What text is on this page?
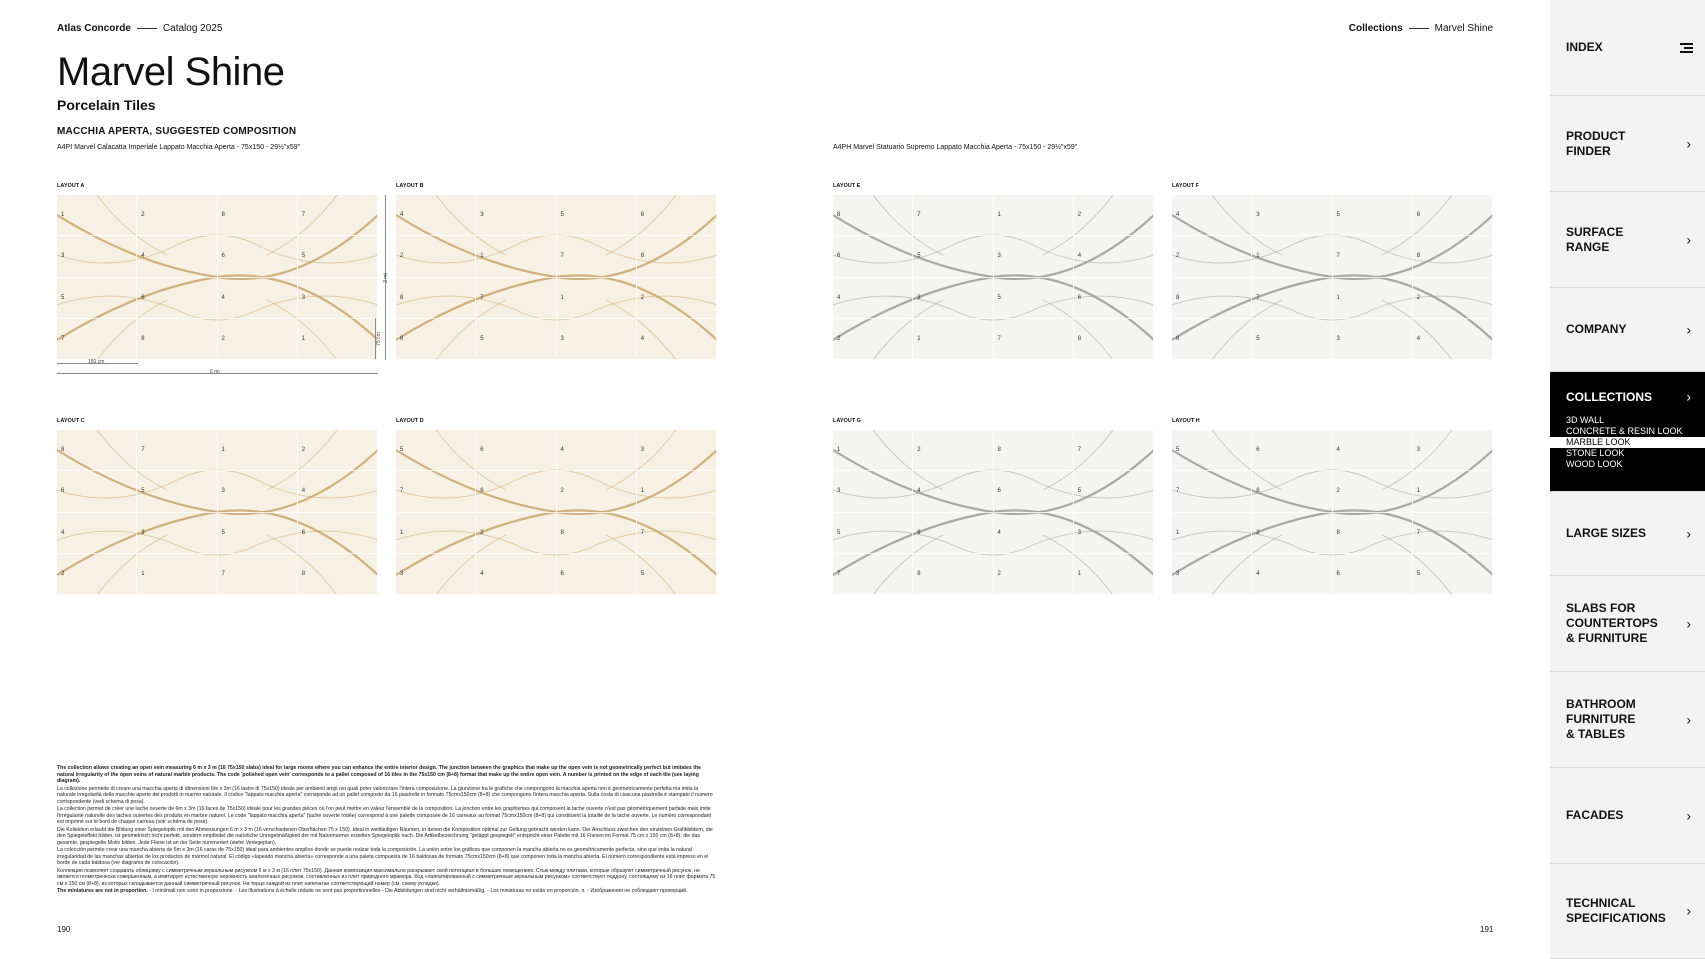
Atlas Concorde	Catalog 2025	Collections	Marvel Shine
Marvel Shine
Porcelain Tiles
MACCHIA APERTA, SUGGESTED COMPOSITION
A4PI Marvel Calacatta Imperiale Lappato Macchia Aperta - 75x150 - 29½"x59"	A4PH Marvel Statuario Supremo Lappato Macchia Aperta - 75x150 - 29½"x59"
LAYOUT A
1	2	8	7
3	4	6	5
5	6	4	3
7	8	2	1
LAYOUT B
4	3	5	6
2	1	7	8
8	7	1	2
6	5	3	4
LAYOUT C
8	7	1	2
6	5	3	4
4	3	5	6
2	1	7	8
LAYOUT D
5	6	4	3
7	8	2	1
1	2	8	7
3	4	6	5
LAYOUT E
8	7	1	2
6	5	3	4
4	3	5	6
2	1	7	8
LAYOUT F
4	3	5	6
2	1	7	8
8	7	1	2
6	5	3	4
LAYOUT G
1	2	8	7
3	4	6	5
5	6	4	3
7	8	2	1
LAYOUT H
5	6	4	3
7	8	2	1
1	2	8	7
3	4	6	5
150 cm
6 mt
3 mt
75 cm

The collection allows creating an open vein measuring 6 m x 3 m (16 75x150 slabs) ideal for large rooms where you can enhance the entire interior design. The junction between the graphics that make up the open vein is not geometrically perfect but imitates the natural irregularity of the open veins of natural marble products. The code 'polished open vein' corresponds to a pallet composed of 16 tiles in the 75x150 cm (8+8) format that make up the entire open vein. A number is printed on the edge of each tile (see laying diagram).

La collezione permette di creare una macchia aperta di dimensioni 6m x 3m (16 lastre di 75x150) ideale per ambienti ampi nei quali poter valorizzare l'intera composizione. La giunzione tra le grafiche che compongono la macchia aperta non è geometricamente perfetta ma imita la naturale irregolarità delle macchie aperte dei prodotti in marmo naturale. Il codice "lappato macchia aperta" corrisponde ad un pallet composto da 16 piastrelle in formato 75cmx150cm (8+8) che compongono l'intera macchia aperta. Sulla costa di ciascuna piastrella è stampato il numero corrispondente (vedi schema di posa).

La collection permet de créer une tache ouverte de 6m x 3m (16 faces de 75x150) idéale pour les grandes pièces où l'on peut mettre en valeur l'ensemble de la composition. La jonction entre les graphismes qui composent la tache ouverte n'est pas géométriquement parfaite mais imite l'irrégularité naturelle des taches ouvertes des produits en marbre naturel. Le code "lappato macchia aperta" (tache ouverte rodée) correspond à une palette composée de 16 carreaux au format 75cmx150cm (8+8) qui constituent la totalité de la tache ouverte. Le numéro correspondant est imprimé sur le bord de chaque carreau (voir schéma de pose).

Die Kollektion erlaubt die Bildung einer Spiegeloptik mit den Abmessungen 6 m x 3 m (16 verschiedenen Oberflächen 75 x 150). Ideal in weitläufigen Räumen, in denen die Komposition optimal zur Geltung gebracht werden kann. Der Anschluss zwischen den einzelnen Grafikbildern, die den Spiegeleffekt bilden, ist geometrisch nicht perfekt, sondern empfindet die natürliche Unregelmäßigkeit der mit Naturmarmor erzielten Spiegeloptik nach. Die Artikelbezeichnung "geläppt gespiegelt" entspricht einer Palette mit 16 Fliesen im Format 75 cm x 150 cm (8+8), die das gesamte, gespiegelte Motiv bilden. Jede Fliese ist an der Seite nummeriert (siehe Verlegeplan).

La colección permite crear una mancha abierta de 6m x 3m (16 caras de 75x150) ideal para ambientes amplios donde se puede realzar toda la composición. La unión entre los gráficos que componen la mancha abierta no es geométricamente perfecta, sino que imita la natural irregularidad de las manchas abiertas de los productos de mármol natural. El código «lapeado mancha abierta» corresponde a una paleta compuesta de 16 baldosas de formato 75cmx150cm (8+8) que componen toda la mancha abierta. El número correspondiente está impreso en el borde de cada baldosa (ver diagrama de colocación).

Коллекция позволяет создавать облицовку с симметричным зеркальным рисунком 6 м x 3 м (16 плит 75x150). Данная композиция максимально раскрывает свой потенциал в больших помещениях. Стык между плитами, которые образуют симметричный рисунок, не является геометрически совершенным, а имитирует естественную неровность аналогичных рисунков, составленных из плит природного мрамора. Код «лаппатированный с симметричным зеркальным рисунком» соответствует поддону, состоящему из 16 плит формата 75 см x 150 см (8+8), из которых складывается данный симметричный рисунок. На торце каждой из плит напечатан соответствующий номер (см. схему укладки).

The miniatures are not in proportion. - I miniimali non sono in proporzione. - Les illustrations à échelle réduite ne sont pas proportionnelles - Die Abbildungen sind nicht verhältnismäßig. - Los miniaturas no están en proporción. п. - Изображения не соблюдают пропорций.

190	191
INDEX
PRODUCT
FINDER	›
SURFACE
RANGE	›
COMPANY	›
COLLECTIONS ›
3D WALL
CONCRETE & RESIN LOOK
MARBLE LOOK
STONE LOOK
WOOD LOOK
LARGE SIZES	›
SLABS FOR
COUNTERTOPS
& FURNITURE
›
BATHROOM
FURNITURE
& TABLES
›
FACADES	›
TECHNICAL
SPECIFICATIONS ›
